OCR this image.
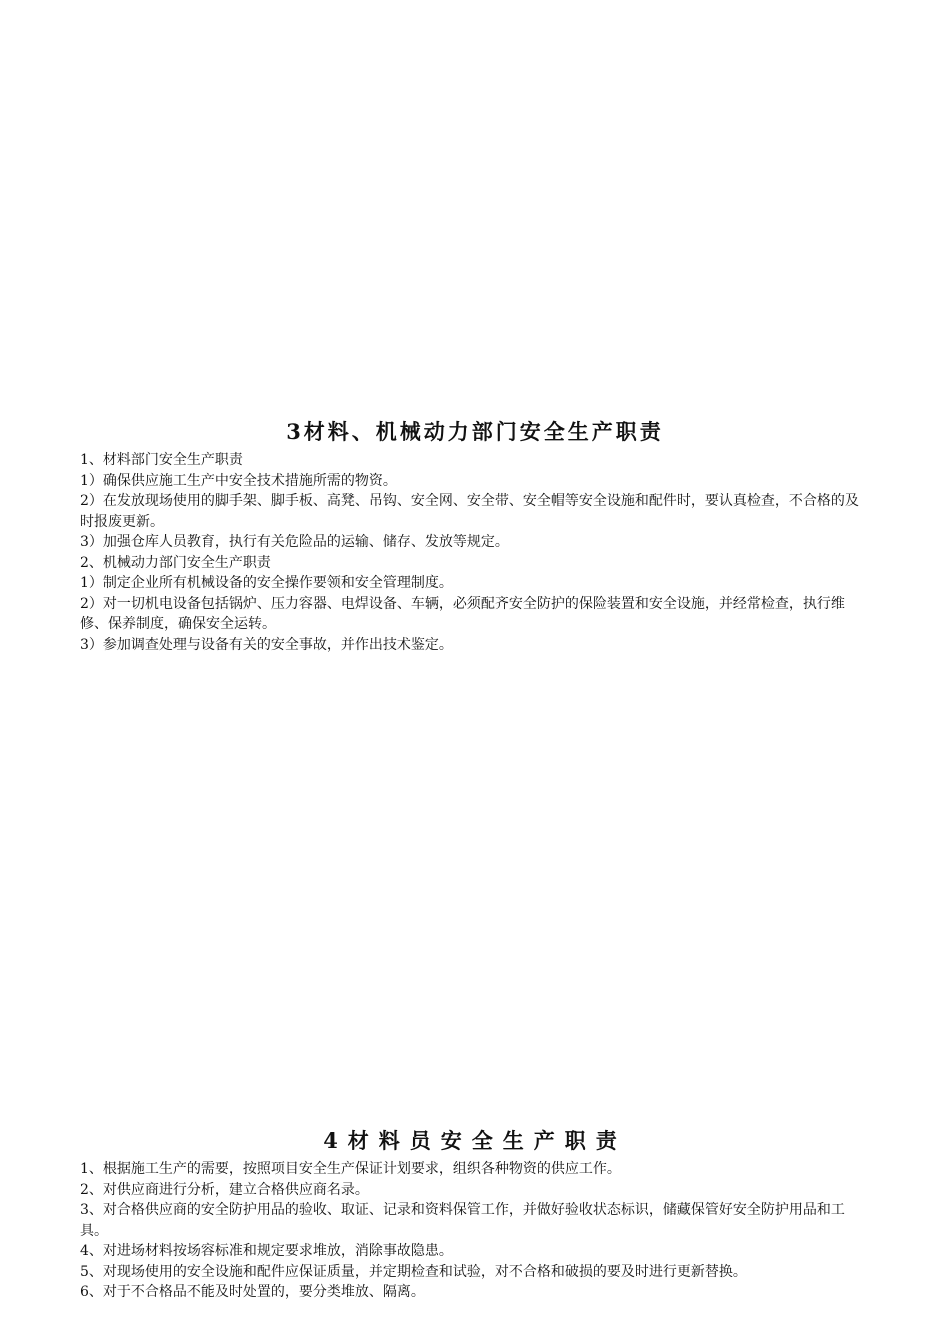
3材料、机械动力部门安全生产职责

1、材料部门安全生产职责

1）确保供应施工生产中安全技术措施所需的物资。

2）在发放现场使用的脚手架、脚手板、高凳、吊钩、安全网、安全带、安全帽等安全设施和配件时，要认真检查，不合格的及时报废更新。

3）加强仓库人员教育，执行有关危险品的运输、储存、发放等规定。

2、机械动力部门安全生产职责

1）制定企业所有机械设备的安全操作要领和安全管理制度。

2）对一切机电设备包括锅炉、压力容器、电焊设备、车辆，必须配齐安全防护的保险装置和安全设施，并经常检查，执行维修、保养制度，确保安全运转。

3）参加调查处理与设备有关的安全事故，并作出技术鉴定。

4材料员安全生产职责

1、根据施工生产的需要，按照项目安全生产保证计划要求，组织各种物资的供应工作。

2、对供应商进行分析，建立合格供应商名录。

3、对合格供应商的安全防护用品的验收、取证、记录和资料保管工作，并做好验收状态标识，储藏保管好安全防护用品和工具。

4、对进场材料按场容标准和规定要求堆放，消除事故隐患。

5、对现场使用的安全设施和配件应保证质量，并定期检查和试验，对不合格和破损的要及时进行更新替换。

6、对于不合格品不能及时处置的，要分类堆放、隔离。
